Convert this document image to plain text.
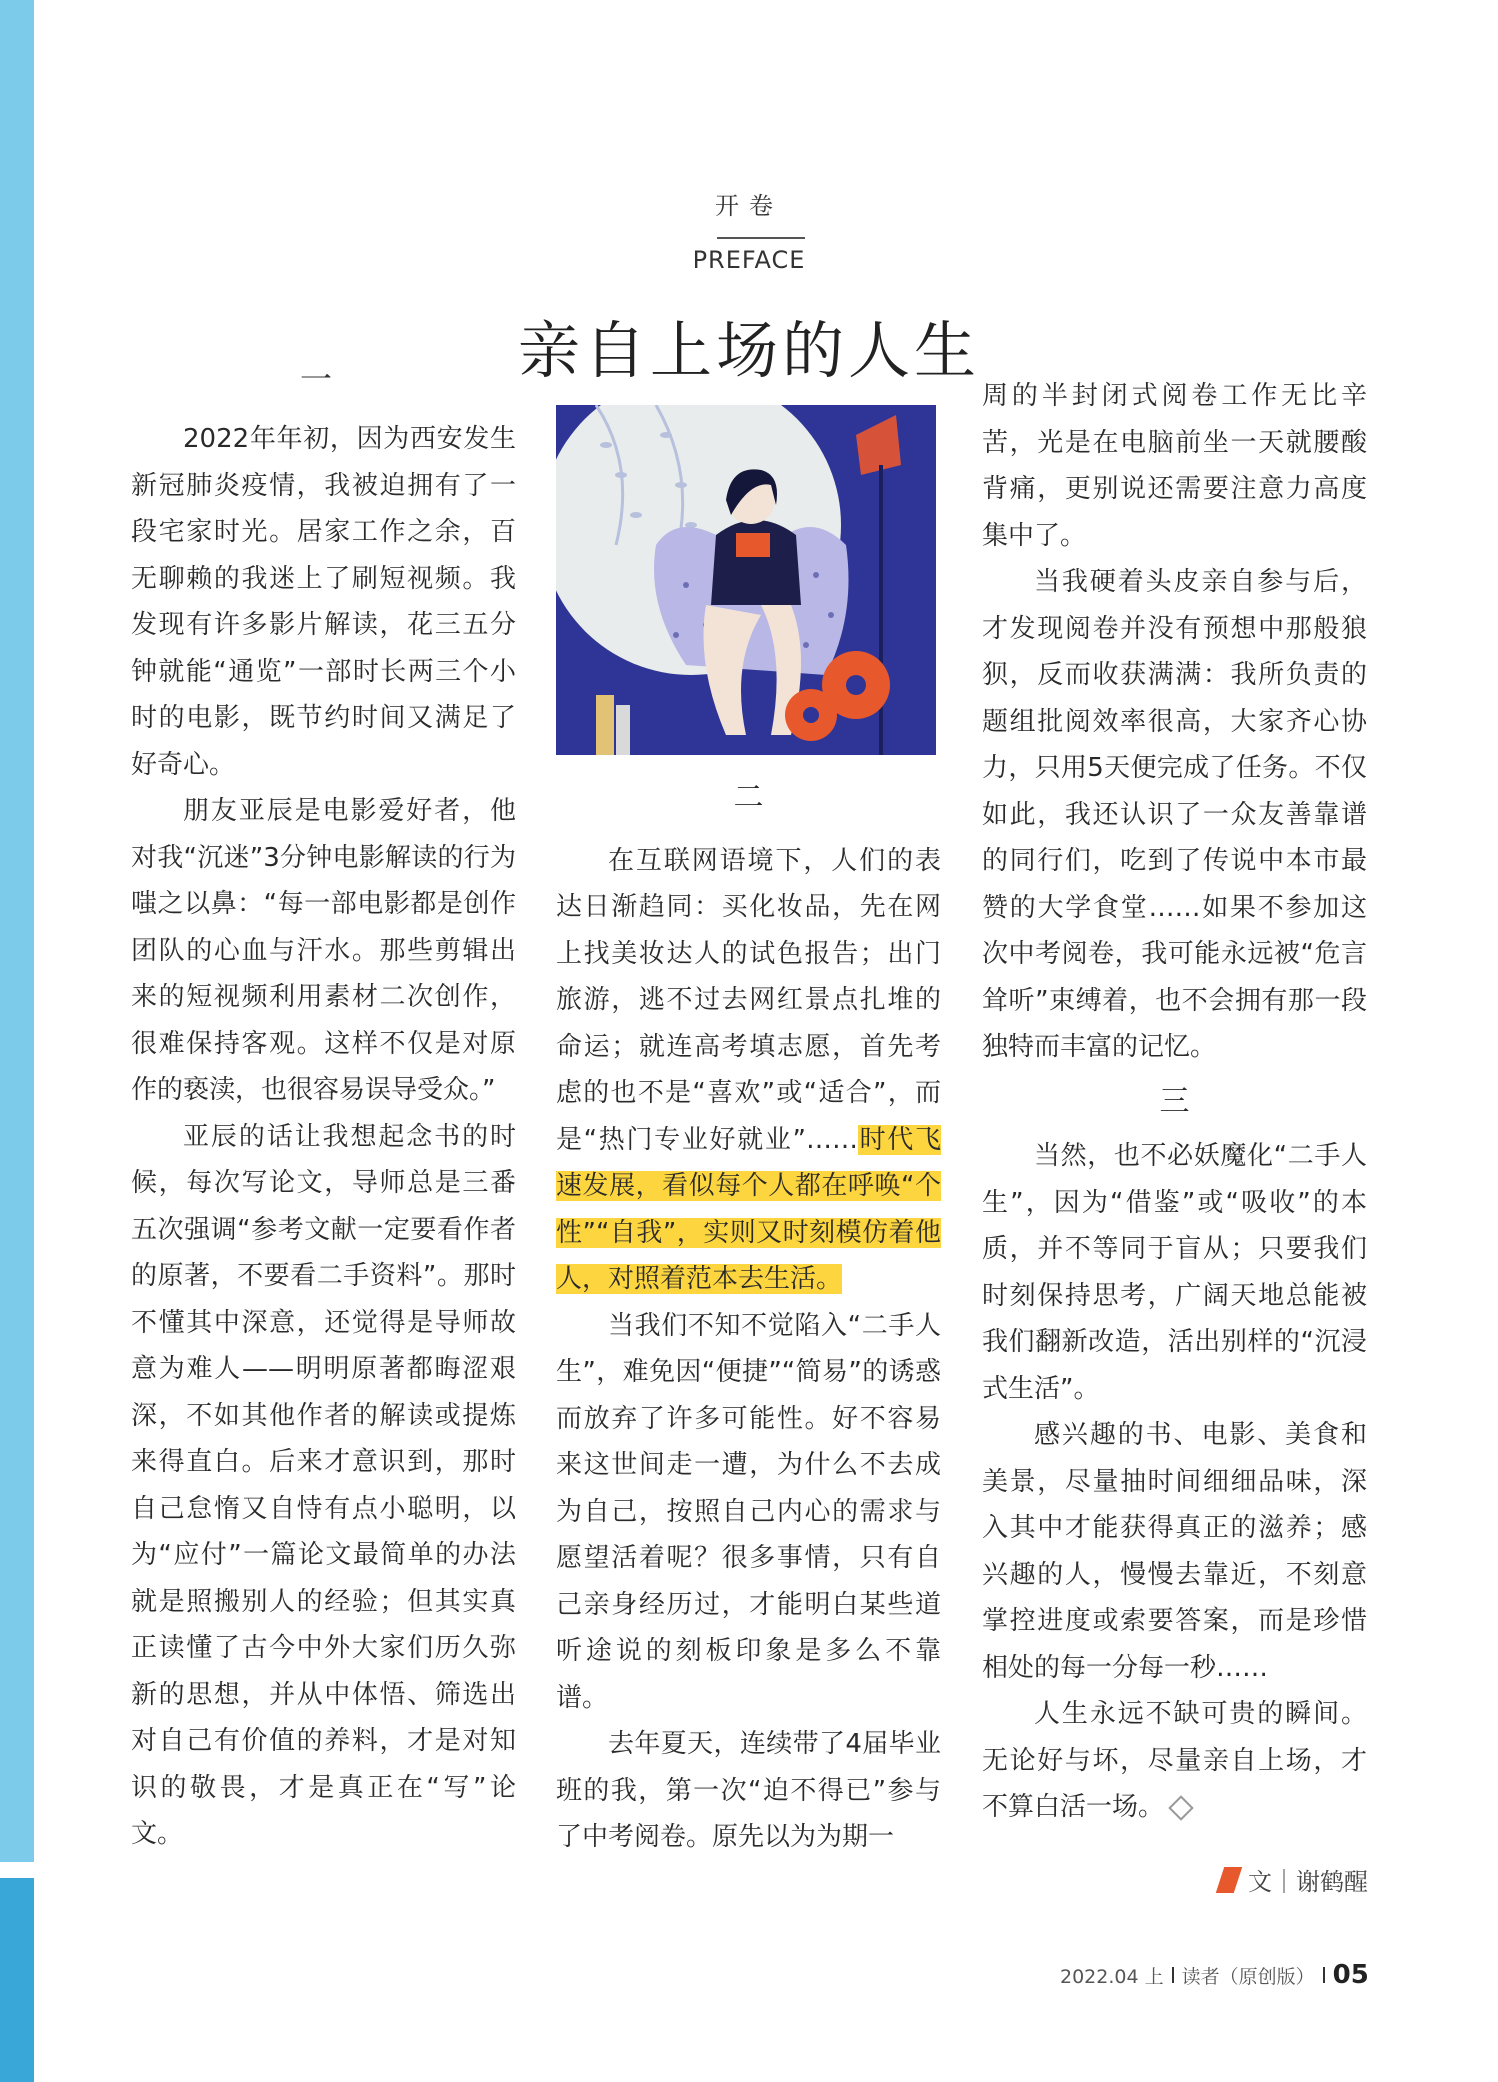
开卷
PREFACE
亲自上场的人生
一

2022年年初，因为西安发生新冠肺炎疫情，我被迫拥有了一段宅家时光。居家工作之余，百无聊赖的我迷上了刷短视频。我发现有许多影片解读，花三五分钟就能“通览”一部时长两三个小时的电影，既节约时间又满足了好奇心。

朋友亚辰是电影爱好者，他对我“沉迷”3分钟电影解读的行为嗤之以鼻：“每一部电影都是创作团队的心血与汗水。那些剪辑出来的短视频利用素材二次创作，很难保持客观。这样不仅是对原作的亵渎，也很容易误导受众。”

亚辰的话让我想起念书的时候，每次写论文，导师总是三番五次强调“参考文献一定要看作者的原著，不要看二手资料”。那时不懂其中深意，还觉得是导师故意为难人——明明原著都晦涩艰深，不如其他作者的解读或提炼来得直白。后来才意识到，那时自己怠惰又自恃有点小聪明，以为“应付”一篇论文最简单的办法就是照搬别人的经验；但其实真正读懂了古今中外大家们历久弥新的思想，并从中体悟、筛选出对自己有价值的养料，才是对知识的敬畏，才是真正在“写”论文。

二

在互联网语境下，人们的表达日渐趋同：买化妆品，先在网上找美妆达人的试色报告；出门旅游，逃不过去网红景点扎堆的命运；就连高考填志愿，首先考虑的也不是“喜欢”或“适合”，而是“热门专业好就业”……时代飞速发展，看似每个人都在呼唤“个性”“自我”，实则又时刻模仿着他人，对照着范本去生活。

当我们不知不觉陷入“二手人生”，难免因“便捷”“简易”的诱惑而放弃了许多可能性。好不容易来这世间走一遭，为什么不去成为自己，按照自己内心的需求与愿望活着呢？很多事情，只有自己亲身经历过，才能明白某些道听途说的刻板印象是多么不靠谱。

去年夏天，连续带了4届毕业班的我，第一次“迫不得已”参与了中考阅卷。原先以为为期一

周的半封闭式阅卷工作无比辛苦，光是在电脑前坐一天就腰酸背痛，更别说还需要注意力高度集中了。

当我硬着头皮亲自参与后，才发现阅卷并没有预想中那般狼狈，反而收获满满：我所负责的题组批阅效率很高，大家齐心协力，只用5天便完成了任务。不仅如此，我还认识了一众友善靠谱的同行们，吃到了传说中本市最赞的大学食堂……如果不参加这次中考阅卷，我可能永远被“危言耸听”束缚着，也不会拥有那一段独特而丰富的记忆。

三

当然，也不必妖魔化“二手人生”，因为“借鉴”或“吸收”的本质，并不等同于盲从；只要我们时刻保持思考，广阔天地总能被我们翻新改造，活出别样的“沉浸式生活”。

感兴趣的书、电影、美食和美景，尽量抽时间细细品味，深入其中才能获得真正的滋养；感兴趣的人，慢慢去靠近，不刻意掌控进度或索要答案，而是珍惜相处的每一分每一秒……

人生永远不缺可贵的瞬间。无论好与坏，尽量亲自上场，才不算白活一场。

文｜谢鹤醒
2022.04 上 读者（原创版） 05
